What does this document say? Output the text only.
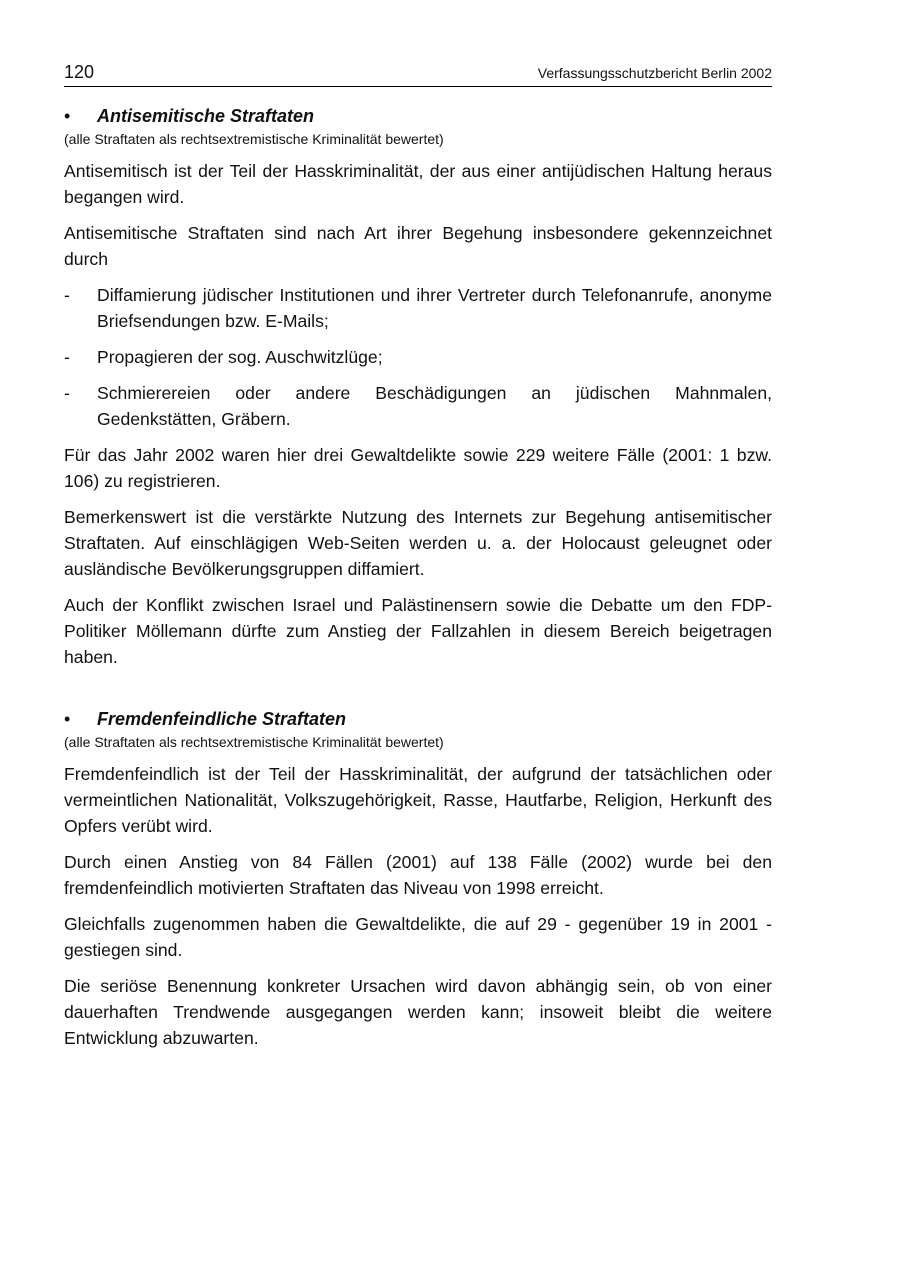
120	Verfassungsschutzbericht Berlin 2002
•	Antisemitische Straftaten
(alle Straftaten als rechtsextremistische Kriminalität bewertet)

Antisemitisch ist der Teil der Hasskriminalität, der aus einer antijüdischen Haltung heraus begangen wird.

Antisemitische Straftaten sind nach Art ihrer Begehung insbesondere gekennzeichnet durch

- Diffamierung jüdischer Institutionen und ihrer Vertreter durch Telefonanrufe, anonyme Briefsendungen bzw. E-Mails;
- Propagieren der sog. Auschwitzlüge;
- Schmierereien oder andere Beschädigungen an jüdischen Mahnmalen, Gedenkstätten, Gräbern.

Für das Jahr 2002 waren hier drei Gewaltdelikte sowie 229 weitere Fälle (2001: 1 bzw. 106) zu registrieren.

Bemerkenswert ist die verstärkte Nutzung des Internets zur Begehung antisemitischer Straftaten. Auf einschlägigen Web-Seiten werden u. a. der Holocaust geleugnet oder ausländische Bevölkerungsgruppen diffamiert.

Auch der Konflikt zwischen Israel und Palästinensern sowie die Debatte um den FDP-Politiker Möllemann dürfte zum Anstieg der Fallzahlen in diesem Bereich beigetragen haben.

•	Fremdenfeindliche Straftaten
(alle Straftaten als rechtsextremistische Kriminalität bewertet)

Fremdenfeindlich ist der Teil der Hasskriminalität, der aufgrund der tatsächlichen oder vermeintlichen Nationalität, Volkszugehörigkeit, Rasse, Hautfarbe, Religion, Herkunft des Opfers verübt wird.

Durch einen Anstieg von 84 Fällen (2001) auf 138 Fälle (2002) wurde bei den fremdenfeindlich motivierten Straftaten das Niveau von 1998 erreicht.

Gleichfalls zugenommen haben die Gewaltdelikte, die auf 29 - gegenüber 19 in 2001 - gestiegen sind.

Die seriöse Benennung konkreter Ursachen wird davon abhängig sein, ob von einer dauerhaften Trendwende ausgegangen werden kann; insoweit bleibt die weitere Entwicklung abzuwarten.
